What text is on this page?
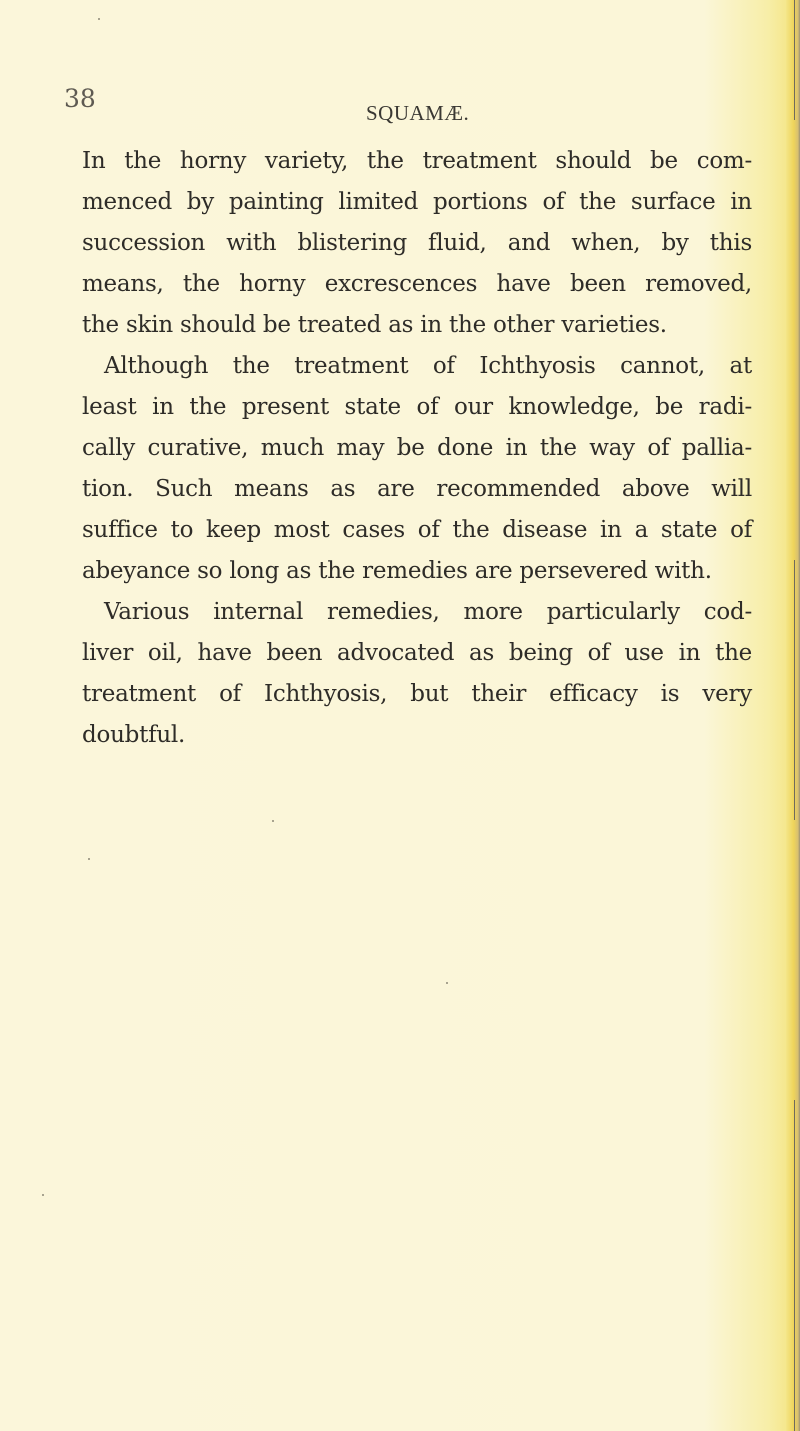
38	SQUAMÆ.
In the horny variety, the treatment should be com-
menced by painting limited portions of the surface in
succession with blistering fluid, and when, by this
means, the horny excrescences have been removed,
the skin should be treated as in the other varieties.
Although the treatment of Ichthyosis cannot, at
least in the present state of our knowledge, be radi-
cally curative, much may be done in the way of pallia-
tion. Such means as are recommended above will
suffice to keep most cases of the disease in a state of
abeyance so long as the remedies are persevered with.
Various internal remedies, more particularly cod-
liver oil, have been advocated as being of use in the
treatment of Ichthyosis, but their efficacy is very
doubtful.
